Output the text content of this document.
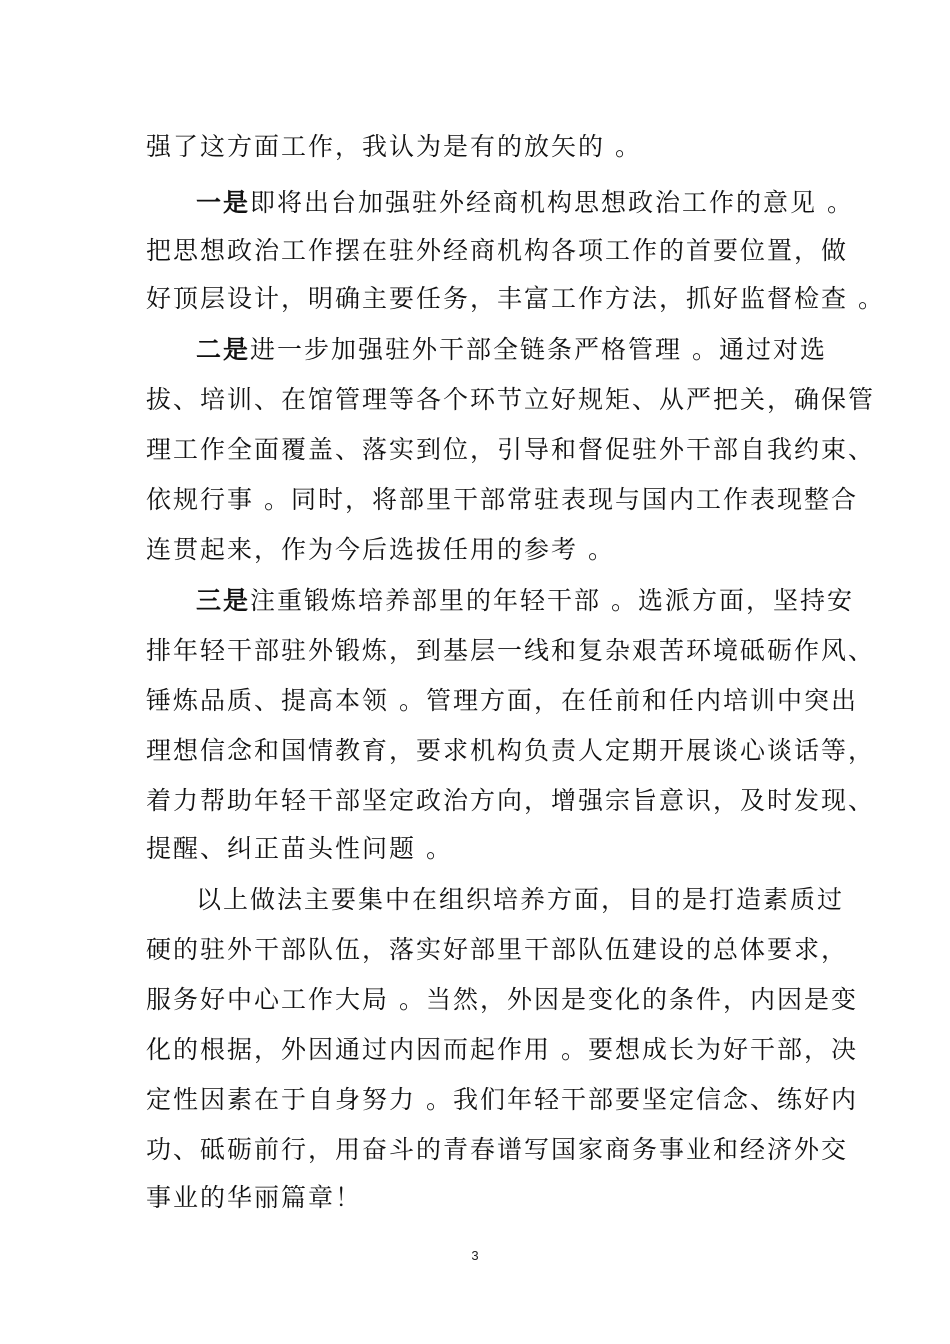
强了这方面工作，我认为是有的放矢的 。
一是即将出台加强驻外经商机构思想政治工作的意见 。
把思想政治工作摆在驻外经商机构各项工作的首要位置，做
好顶层设计，明确主要任务，丰富工作方法，抓好监督检查 。
二是进一步加强驻外干部全链条严格管理 。通过对选
拔、培训、在馆管理等各个环节立好规矩、从严把关，确保管
理工作全面覆盖、落实到位，引导和督促驻外干部自我约束、
依规行事 。同时，将部里干部常驻表现与国内工作表现整合
连贯起来，作为今后选拔任用的参考 。
三是注重锻炼培养部里的年轻干部 。选派方面，坚持安
排年轻干部驻外锻炼，到基层一线和复杂艰苦环境砥砺作风、
锤炼品质、提高本领 。管理方面，在任前和任内培训中突出
理想信念和国情教育，要求机构负责人定期开展谈心谈话等，
着力帮助年轻干部坚定政治方向，增强宗旨意识，及时发现、
提醒、纠正苗头性问题 。
以上做法主要集中在组织培养方面，目的是打造素质过
硬的驻外干部队伍，落实好部里干部队伍建设的总体要求，
服务好中心工作大局 。当然，外因是变化的条件，内因是变
化的根据，外因通过内因而起作用 。要想成长为好干部，决
定性因素在于自身努力 。我们年轻干部要坚定信念、练好内
功、砥砺前行，用奋斗的青春谱写国家商务事业和经济外交
事业的华丽篇章！
3
